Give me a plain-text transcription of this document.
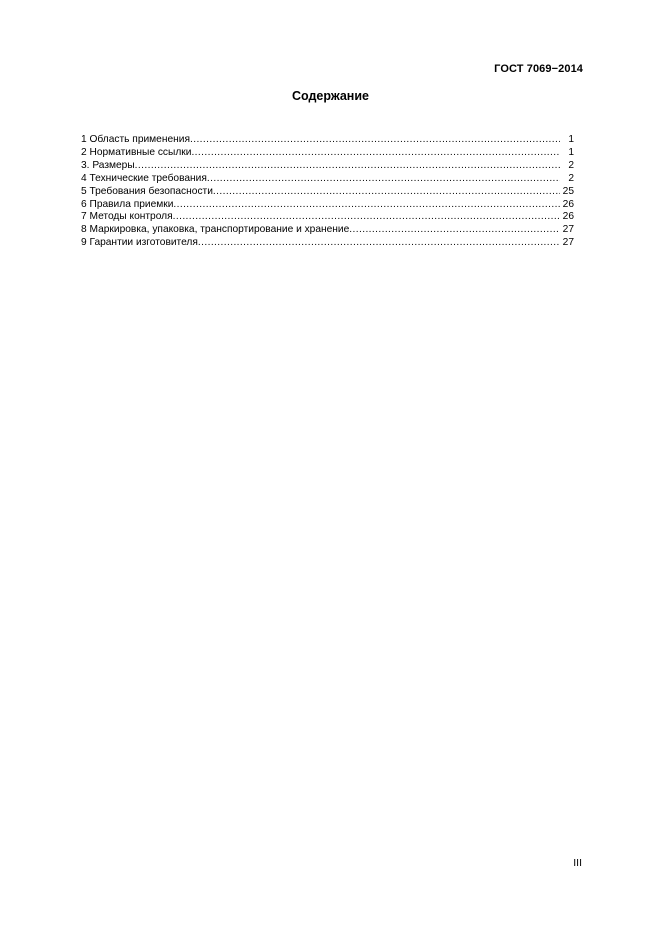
ГОСТ 7069−2014
Содержание
1 Область применения .....	1
2 Нормативные ссылки .....	1
3. Размеры .....	2
4 Технические требования .....	2
5 Требования безопасности .....	25
6 Правила приемки .....	26
7 Методы контроля .....	26
8 Маркировка, упаковка, транспортирование и хранение .....	27
9 Гарантии изготовителя .....	27
III
